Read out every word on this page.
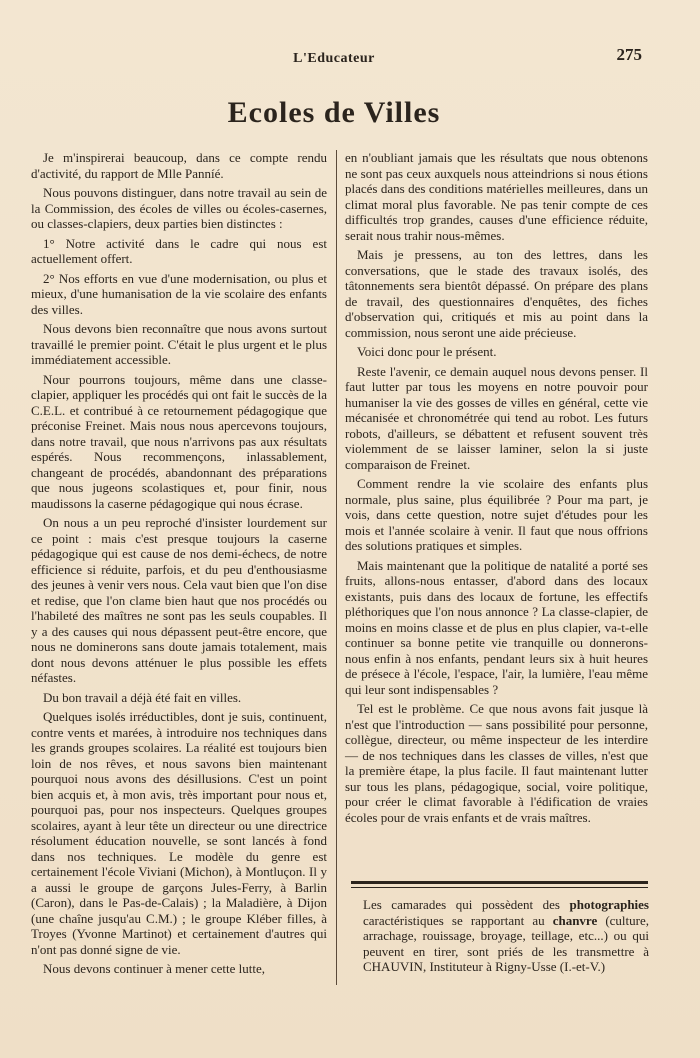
L'Educateur	275
Ecoles de Villes

Je m'inspirerai beaucoup, dans ce compte rendu d'activité, du rapport de Mlle Panníé.

Nous pouvons distinguer, dans notre travail au sein de la Commission, des écoles de villes ou écoles-casernes, ou classes-clapiers, deux parties bien distinctes :

1° Notre activité dans le cadre qui nous est actuellement offert.

2° Nos efforts en vue d'une modernisation, ou plus et mieux, d'une humanisation de la vie scolaire des enfants des villes.

Nous devons bien reconnaître que nous avons surtout travaillé le premier point. C'était le plus urgent et le plus immédiatement accessible.

Nour pourrons toujours, même dans une classe-clapier, appliquer les procédés qui ont fait le succès de la C.E.L. et contribué à ce retournement pédagogique que préconise Freinet. Mais nous nous apercevons toujours, dans notre travail, que nous n'arrivons pas aux résultats espérés. Nous recommençons, inlassablement, changeant de procédés, abandonnant des préparations que nous jugeons scolastiques et, pour finir, nous maudissons la caserne pédagogique qui nous écrase.

On nous a un peu reproché d'insister lourdement sur ce point : mais c'est presque toujours la caserne pédagogique qui est cause de nos demi-échecs, de notre efficience si réduite, parfois, et du peu d'enthousiasme des jeunes à venir vers nous. Cela vaut bien que l'on dise et redise, que l'on clame bien haut que nos procédés ou l'habileté des maîtres ne sont pas les seuls coupables. Il y a des causes qui nous dépassent peut-être encore, que nous ne dominerons sans doute jamais totalement, mais dont nous devons atténuer le plus possible les effets néfastes.

Du bon travail a déjà été fait en villes.

Quelques isolés irréductibles, dont je suis, continuent, contre vents et marées, à introduire nos techniques dans les grands groupes scolaires. La réalité est toujours bien loin de nos rêves, et nous savons bien maintenant pourquoi nous avons des désillusions. C'est un point bien acquis et, à mon avis, très important pour nous et, pourquoi pas, pour nos inspecteurs. Quelques groupes scolaires, ayant à leur tête un directeur ou une directrice résolument éducation nouvelle, se sont lancés à fond dans nos techniques. Le modèle du genre est certainement l'école Viviani (Michon), à Montluçon. Il y a aussi le groupe de garçons Jules-Ferry, à Barlin (Caron), dans le Pas-de-Calais) ; la Maladière, à Dijon (une chaîne jusqu'au C.M.) ; le groupe Kléber filles, à Troyes (Yvonne Martinot) et certainement d'autres qui n'ont pas donné signe de vie.

Nous devons continuer à mener cette lutte,

en n'oubliant jamais que les résultats que nous obtenons ne sont pas ceux auxquels nous atteindrions si nous étions placés dans des conditions matérielles meilleures, dans un climat moral plus favorable. Ne pas tenir compte de ces difficultés trop grandes, causes d'une efficience réduite, serait nous trahir nous-mêmes.

Mais je pressens, au ton des lettres, dans les conversations, que le stade des travaux isolés, des tâtonnements sera bientôt dépassé. On prépare des plans de travail, des questionnaires d'enquêtes, des fiches d'observation qui, critiqués et mis au point dans la commission, nous seront une aide précieuse.

Voici donc pour le présent.

Reste l'avenir, ce demain auquel nous devons penser. Il faut lutter par tous les moyens en notre pouvoir pour humaniser la vie des gosses de villes en général, cette vie mécanisée et chronométrée qui tend au robot. Les futurs robots, d'ailleurs, se débattent et refusent souvent très violemment de se laisser laminer, selon la si juste comparaison de Freinet.

Comment rendre la vie scolaire des enfants plus normale, plus saine, plus équilibrée ? Pour ma part, je vois, dans cette question, notre sujet d'études pour les mois et l'année scolaire à venir. Il faut que nous offrions des solutions pratiques et simples.

Mais maintenant que la politique de natalité a porté ses fruits, allons-nous entasser, d'abord dans des locaux existants, puis dans des locaux de fortune, les effectifs pléthoriques que l'on nous annonce ? La classe-clapier, de moins en moins classe et de plus en plus clapier, va-t-elle continuer sa bonne petite vie tranquille ou donnerons-nous enfin à nos enfants, pendant leurs six à huit heures de présece à l'école, l'espace, l'air, la lumière, l'eau même qui leur sont indispensables ?

Tel est le problème. Ce que nous avons fait jusque là n'est que l'introduction — sans possibilité pour personne, collègue, directeur, ou même inspecteur de les interdire — de nos techniques dans les classes de villes, n'est que la première étape, la plus facile. Il faut maintenant lutter sur tous les plans, pédagogique, social, voire politique, pour créer le climat favorable à l'édification de vraies écoles pour de vrais enfants et de vrais maîtres.

Les camarades qui possèdent des photographies caractéristiques se rapportant au chanvre (culture, arrachage, rouissage, broyage, teillage, etc...) ou qui peuvent en tirer, sont priés de les transmettre à CHAUVIN, Instituteur à Rigny-Usse (I.-et-V.)
